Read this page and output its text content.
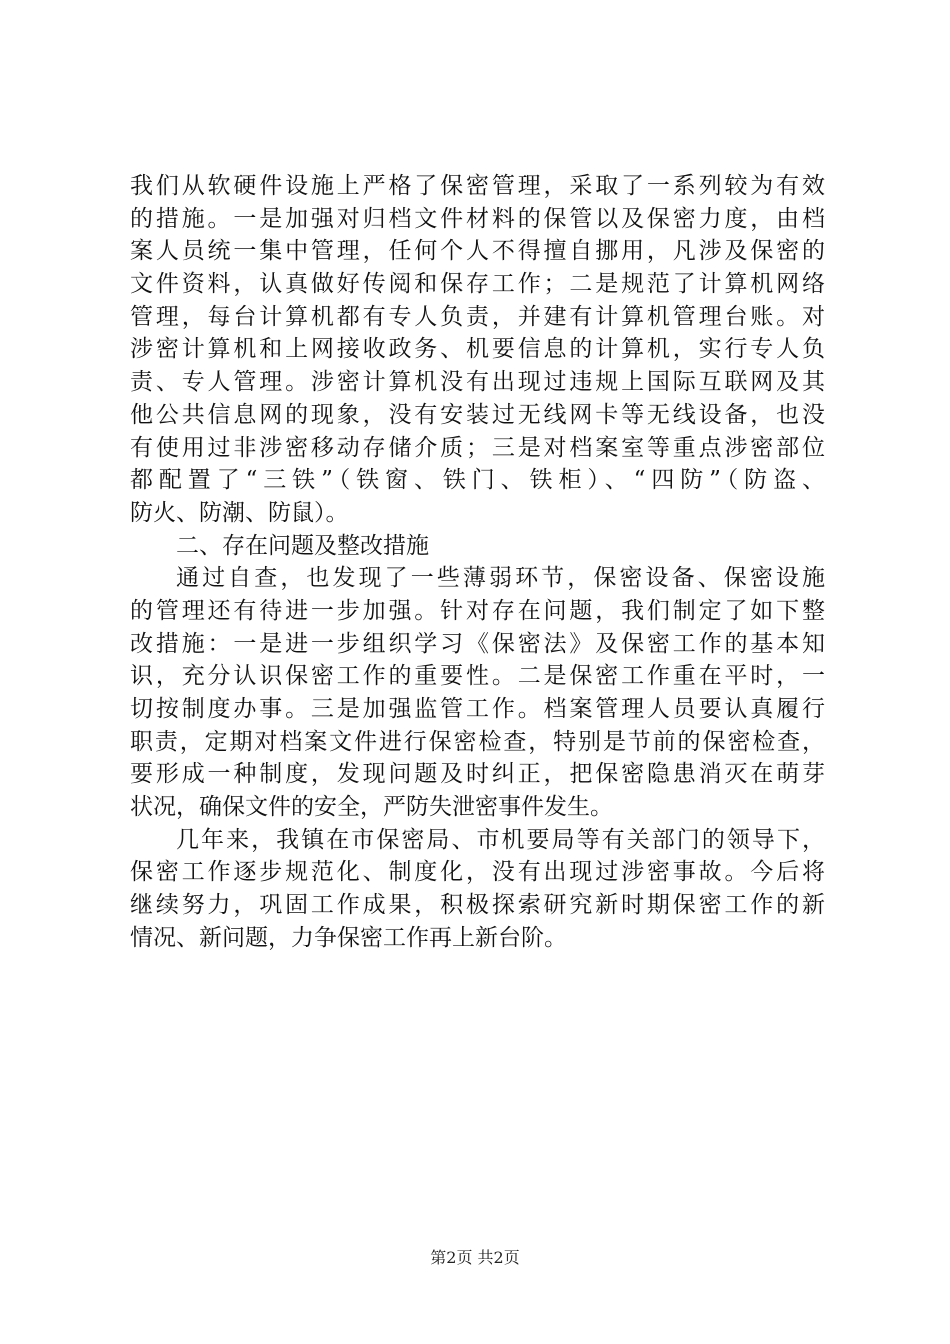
我们从软硬件设施上严格了保密管理，采取了一系列较为有效
的措施。一是加强对归档文件材料的保管以及保密力度，由档
案人员统一集中管理，任何个人不得擅自挪用，凡涉及保密的
文件资料，认真做好传阅和保存工作；二是规范了计算机网络
管理，每台计算机都有专人负责，并建有计算机管理台账。对
涉密计算机和上网接收政务、机要信息的计算机，实行专人负
责、专人管理。涉密计算机没有出现过违规上国际互联网及其
他公共信息网的现象，没有安装过无线网卡等无线设备，也没
有使用过非涉密移动存储介质；三是对档案室等重点涉密部位
都配置了“三铁”（铁窗、铁门、铁柜）、“四防”（防盗、
防火、防潮、防鼠）。
二、存在问题及整改措施
通过自查，也发现了一些薄弱环节，保密设备、保密设施
的管理还有待进一步加强。针对存在问题，我们制定了如下整
改措施：一是进一步组织学习《保密法》及保密工作的基本知
识，充分认识保密工作的重要性。二是保密工作重在平时，一
切按制度办事。三是加强监管工作。档案管理人员要认真履行
职责，定期对档案文件进行保密检查，特别是节前的保密检查，
要形成一种制度，发现问题及时纠正，把保密隐患消灭在萌芽
状况，确保文件的安全，严防失泄密事件发生。
几年来，我镇在市保密局、市机要局等有关部门的领导下，
保密工作逐步规范化、制度化，没有出现过涉密事故。今后将
继续努力，巩固工作成果，积极探索研究新时期保密工作的新
情况、新问题，力争保密工作再上新台阶。
第2页 共2页
